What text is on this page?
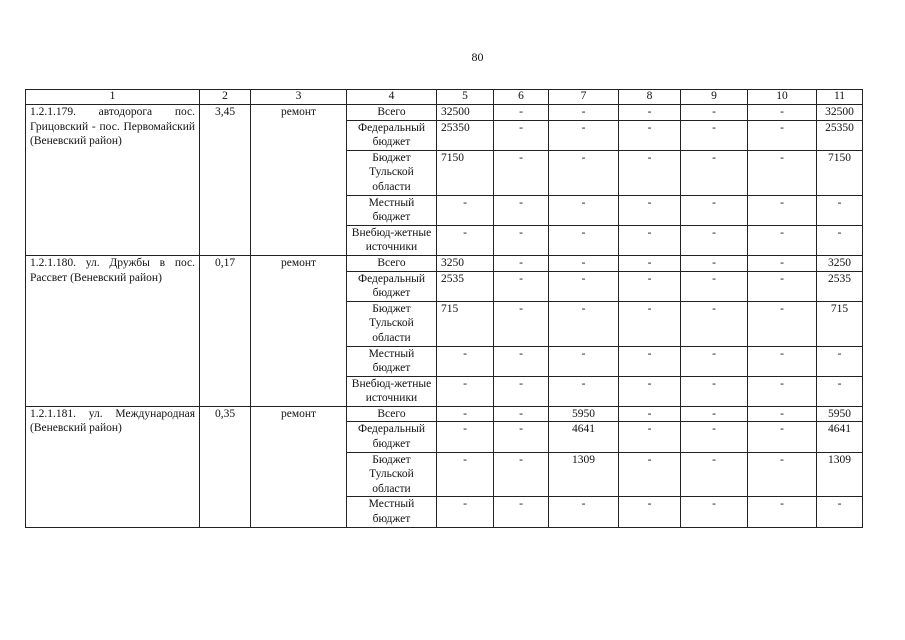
80
1	2	3	4	5	6	7	8	9	10	11
1.2.1.179. автодорога пос. Грицовский - пос. Первомайский (Веневский район)	3,45	ремонт	Всего	32500	-	-	-	-	-	32500
			Федеральный бюджет	25350	-	-	-	-	-	25350
			Бюджет Тульской области	7150	-	-	-	-	-	7150
			Местный бюджет	-	-	-	-	-	-	-
			Внебюд-жетные источники	-	-	-	-	-	-	-
1.2.1.180. ул. Дружбы в пос. Рассвет (Веневский район)	0,17	ремонт	Всего	3250	-	-	-	-	-	3250
			Федеральный бюджет	2535	-	-	-	-	-	2535
			Бюджет Тульской области	715	-	-	-	-	-	715
			Местный бюджет	-	-	-	-	-	-	-
			Внебюд-жетные источники	-	-	-	-	-	-	-
1.2.1.181. ул. Международная (Веневский район)	0,35	ремонт	Всего	-	-	5950	-	-	-	5950
			Федеральный бюджет	-	-	4641	-	-	-	4641
			Бюджет Тульской области	-	-	1309	-	-	-	1309
			Местный бюджет	-	-	-	-	-	-	-
